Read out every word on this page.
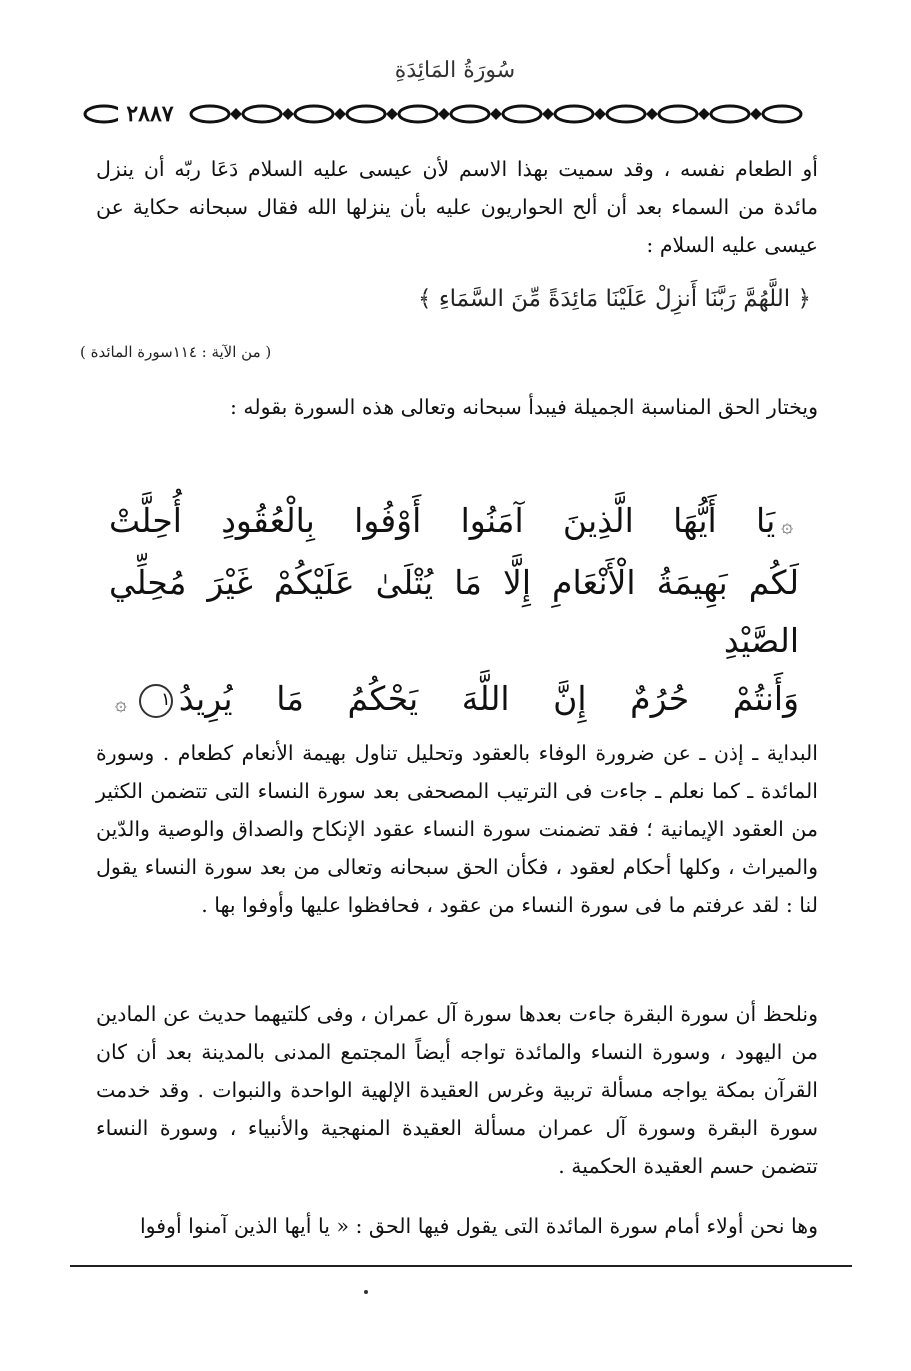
سُورَةُ المَائِدَةِ
٢٨٨٧

أو الطعام نفسه ، وقد سميت بهذا الاسم لأن عيسى عليه السلام دَعَا ربّه أن ينزل مائدة من السماء بعد أن ألح الحواريون عليه بأن ينزلها الله فقال سبحانه حكاية عن عيسى عليه السلام :

﴿ اللَّهُمَّ رَبَّنَا أَنزِلْ عَلَيْنَا مَائِدَةً مِّنَ السَّمَاءِ ﴾
( من الآية : ١١٤سورة المائدة )

ويختار الحق المناسبة الجميلة فيبدأ سبحانه وتعالى هذه السورة بقوله :

۞يَا أَيُّهَا الَّذِينَ آمَنُوا أَوْفُوا بِالْعُقُودِ أُحِلَّتْ
لَكُم بَهِيمَةُ الْأَنْعَامِ إِلَّا مَا يُتْلَىٰ عَلَيْكُمْ غَيْرَ مُحِلِّي الصَّيْدِ
وَأَنتُمْ حُرُمٌ إِنَّ اللَّهَ يَحْكُمُ مَا يُرِيدُ١۞

البداية ـ إذن ـ عن ضرورة الوفاء بالعقود وتحليل تناول بهيمة الأنعام كطعام . وسورة المائدة ـ كما نعلم ـ جاءت فى الترتيب المصحفى بعد سورة النساء التى تتضمن الكثير من العقود الإيمانية ؛ فقد تضمنت سورة النساء عقود الإنكاح والصداق والوصية والدّين والميراث ، وكلها أحكام لعقود ، فكأن الحق سبحانه وتعالى من بعد سورة النساء يقول لنا : لقد عرفتم ما فى سورة النساء من عقود ، فحافظوا عليها وأوفوا بها .

ونلحظ أن سورة البقرة جاءت بعدها سورة آل عمران ، وفى كلتيهما حديث عن المادين من اليهود ، وسورة النساء والمائدة تواجه أيضاً المجتمع المدنى بالمدينة بعد أن كان القرآن بمكة يواجه مسألة تربية وغرس العقيدة الإلهية الواحدة والنبوات . وقد خدمت سورة البقرة وسورة آل عمران مسألة العقيدة المنهجية والأنبياء ، وسورة النساء تتضمن حسم العقيدة الحكمية .

وها نحن أولاء أمام سورة المائدة التى يقول فيها الحق : « يا أيها الذين آمنوا أوفوا
